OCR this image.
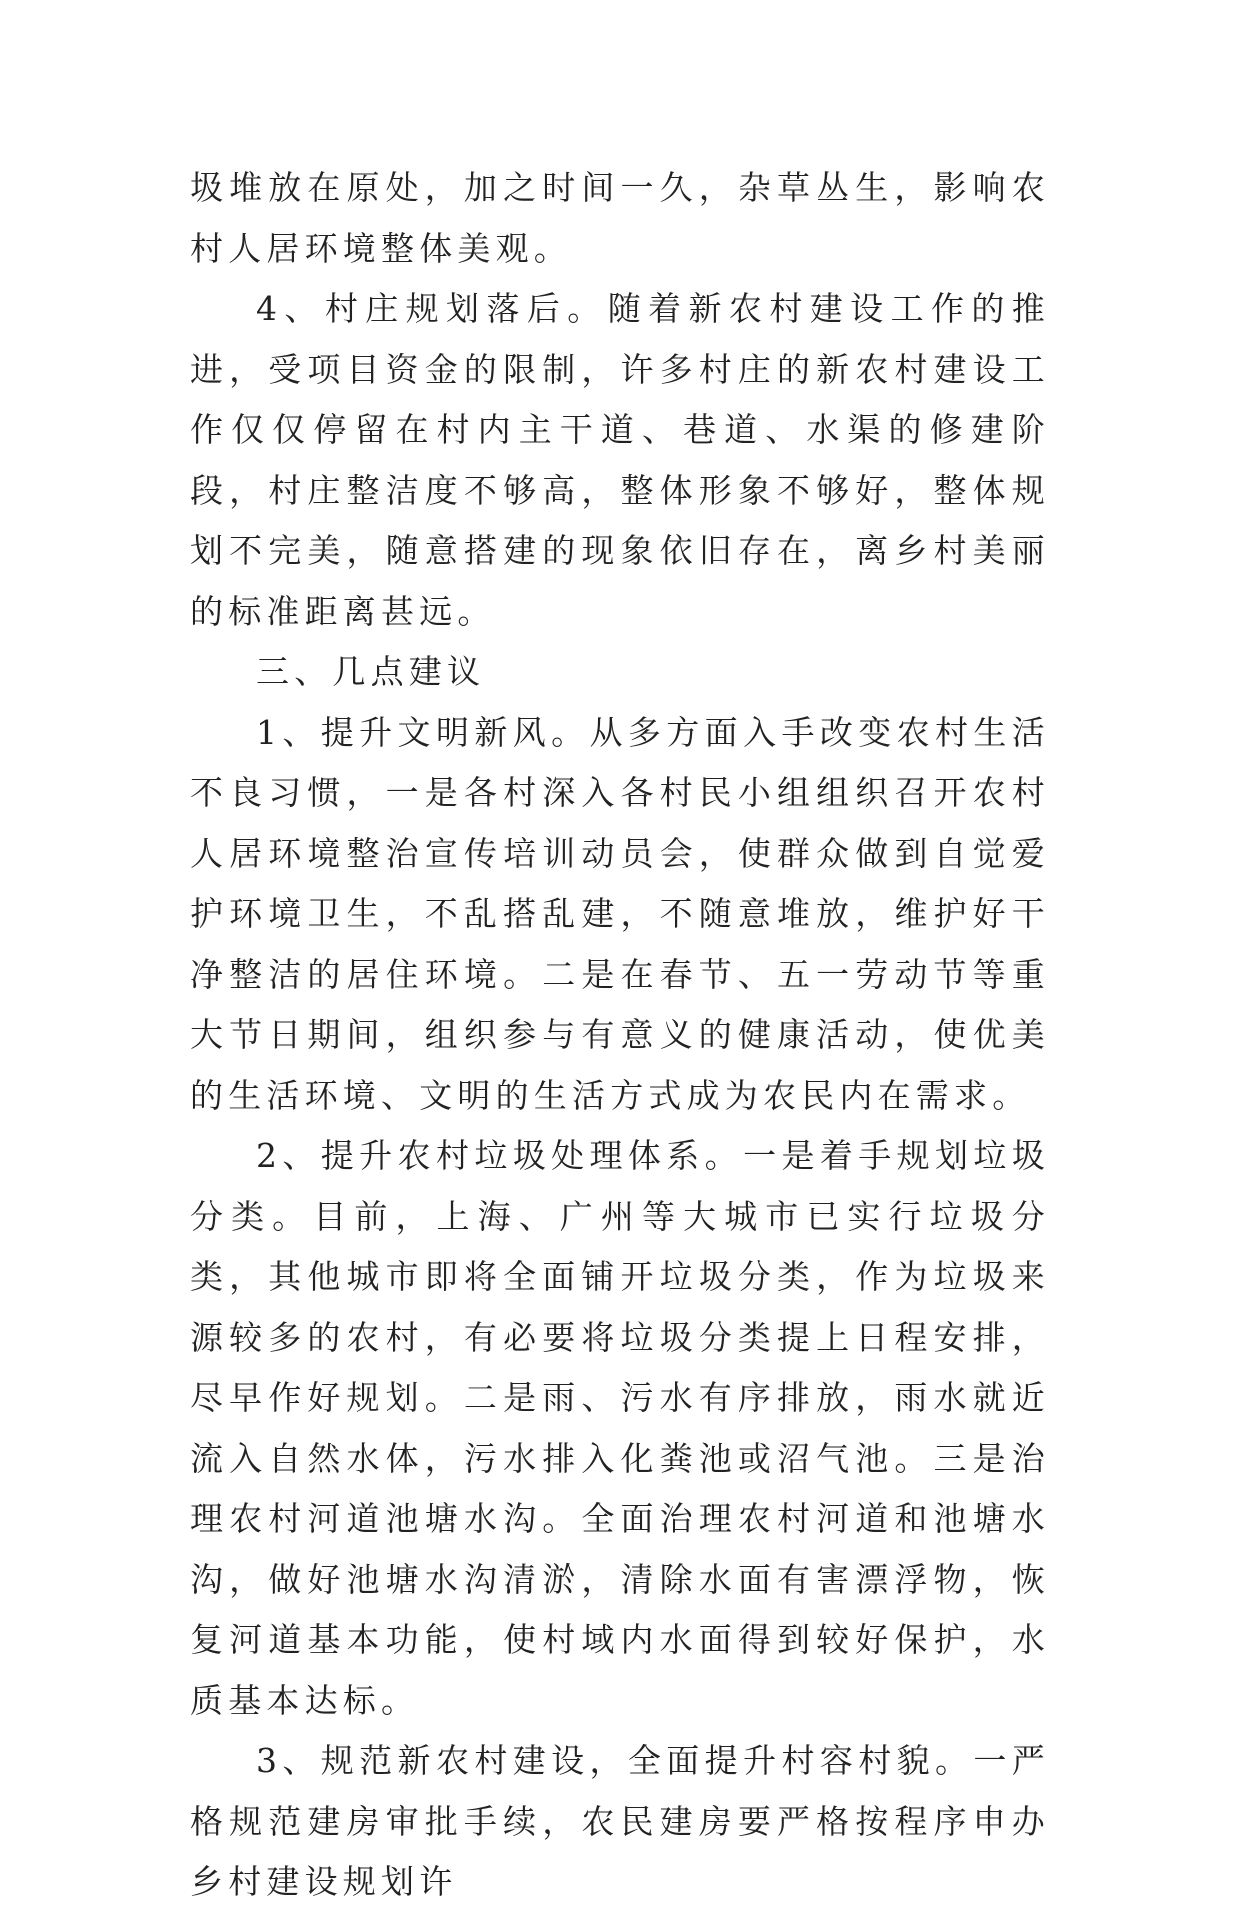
圾堆放在原处，加之时间一久，杂草丛生，影响农村人居环境整体美观。

4、村庄规划落后。随着新农村建设工作的推进，受项目资金的限制，许多村庄的新农村建设工作仅仅停留在村内主干道、巷道、水渠的修建阶段，村庄整洁度不够高，整体形象不够好，整体规划不完美，随意搭建的现象依旧存在，离乡村美丽的标准距离甚远。

三、几点建议

1、提升文明新风。从多方面入手改变农村生活不良习惯，一是各村深入各村民小组组织召开农村人居环境整治宣传培训动员会，使群众做到自觉爱护环境卫生，不乱搭乱建，不随意堆放，维护好干净整洁的居住环境。二是在春节、五一劳动节等重大节日期间，组织参与有意义的健康活动，使优美的生活环境、文明的生活方式成为农民内在需求。

2、提升农村垃圾处理体系。一是着手规划垃圾分类。目前，上海、广州等大城市已实行垃圾分类，其他城市即将全面铺开垃圾分类，作为垃圾来源较多的农村，有必要将垃圾分类提上日程安排，尽早作好规划。二是雨、污水有序排放，雨水就近流入自然水体，污水排入化粪池或沼气池。三是治理农村河道池塘水沟。全面治理农村河道和池塘水沟，做好池塘水沟清淤，清除水面有害漂浮物，恢复河道基本功能，使村域内水面得到较好保护，水质基本达标。

3、规范新农村建设，全面提升村容村貌。一严格规范建房审批手续，农民建房要严格按程序申办乡村建设规划许
